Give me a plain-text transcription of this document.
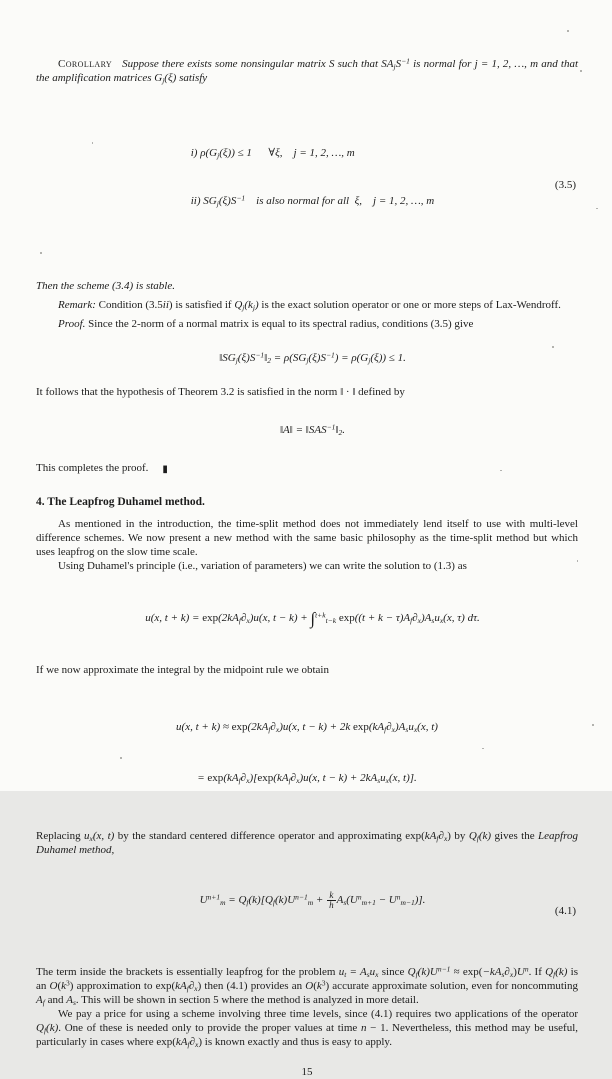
Corollary Suppose there exists some nonsingular matrix S such that $SA_jS^{-1}$ is normal for j = 1, 2, …, m and that the amplification matrices $G_j(\xi)$ satisfy

i) $\rho(G_j(\xi)) \le 1$      ∀ξ,    j = 1, 2, …, m

ii) $SG_j(\xi)S^{-1}$    is also normal for all  ξ,    j = 1, 2, …, m

(3.5)

Then the scheme (3.4) is stable.

Remark: Condition (3.5ii) is satisfied if $Q_j(k_j)$ is the exact solution operator or one or more steps of Lax-Wendroff.

Proof. Since the 2-norm of a normal matrix is equal to its spectral radius, conditions (3.5) give

$‖SG_j(\xi)S^{-1}‖_2 = \rho(SG_j(\xi)S^{-1}) = \rho(G_j(\xi)) \le 1$.

It follows that the hypothesis of Theorem 3.2 is satisfied in the norm ‖ · ‖ defined by

‖A‖ = $‖SAS^{-1}‖_2$.

This completes the proof. ▮

4. The Leapfrog Duhamel method.

As mentioned in the introduction, the time-split method does not immediately lend itself to use with multi-level difference schemes. We now present a new method with the same basic philosophy as the time-split method but which uses leapfrog on the slow time scale.

Using Duhamel's principle (i.e., variation of parameters) we can write the solution to (1.3) as

u(x, $t + k) = \exp(2kA_f\partial_x)u(x$, t − k) + ∫$^{t+k}_{t-k}$ $\exp((t + k - \tau)A_f\partial_x)A_su_x(x$, τ) dτ.

If we now approximate the integral by the midpoint rule we obtain

u(x, $t + k) \approx \exp(2kA_f\partial_x)u(x$, t − k) + 2k $\exp(kA_f\partial_x)A_su_x(x$, t)

= $\exp(kA_f\partial_x)[\exp(kA_f\partial_x)u(x$, $t - k) + 2kA_su_x(x$, t)].

Replacing $u_x(x$, t) by the standard centered difference operator and approximating $\exp(kA_f\partial_x)$ by $Q_f(k)$ gives the Leapfrog Duhamel method,

$U^{n+1}_m = Q_f(k)[Q_f(k)U^{n-1}_m + \frac{k}{h} A_s(U^n_{m+1} - U^n_{m-1})]$.

(4.1)

The term inside the brackets is essentially leapfrog for the problem $u_t = A_su_x$ since $Q_f(k)U^{n-1} \approx \exp(-kA_s\partial_x)U^n$. If $Q_f(k)$ is an $O(k^3)$ approximation to $\exp(kA_f\partial_x)$ then (4.1) provides an $O(k^3)$ accurate approximate solution, even for noncommuting $A_f$ and $A_s$. This will be shown in section 5 where the method is analyzed in more detail.

We pay a price for using a scheme involving three time levels, since (4.1) requires two applications of the operator $Q_f(k)$. One of these is needed only to provide the proper values at time n − 1. Nevertheless, this method may be useful, particularly in cases where $\exp(kA_f\partial_x)$ is known exactly and thus is easy to apply.

15
